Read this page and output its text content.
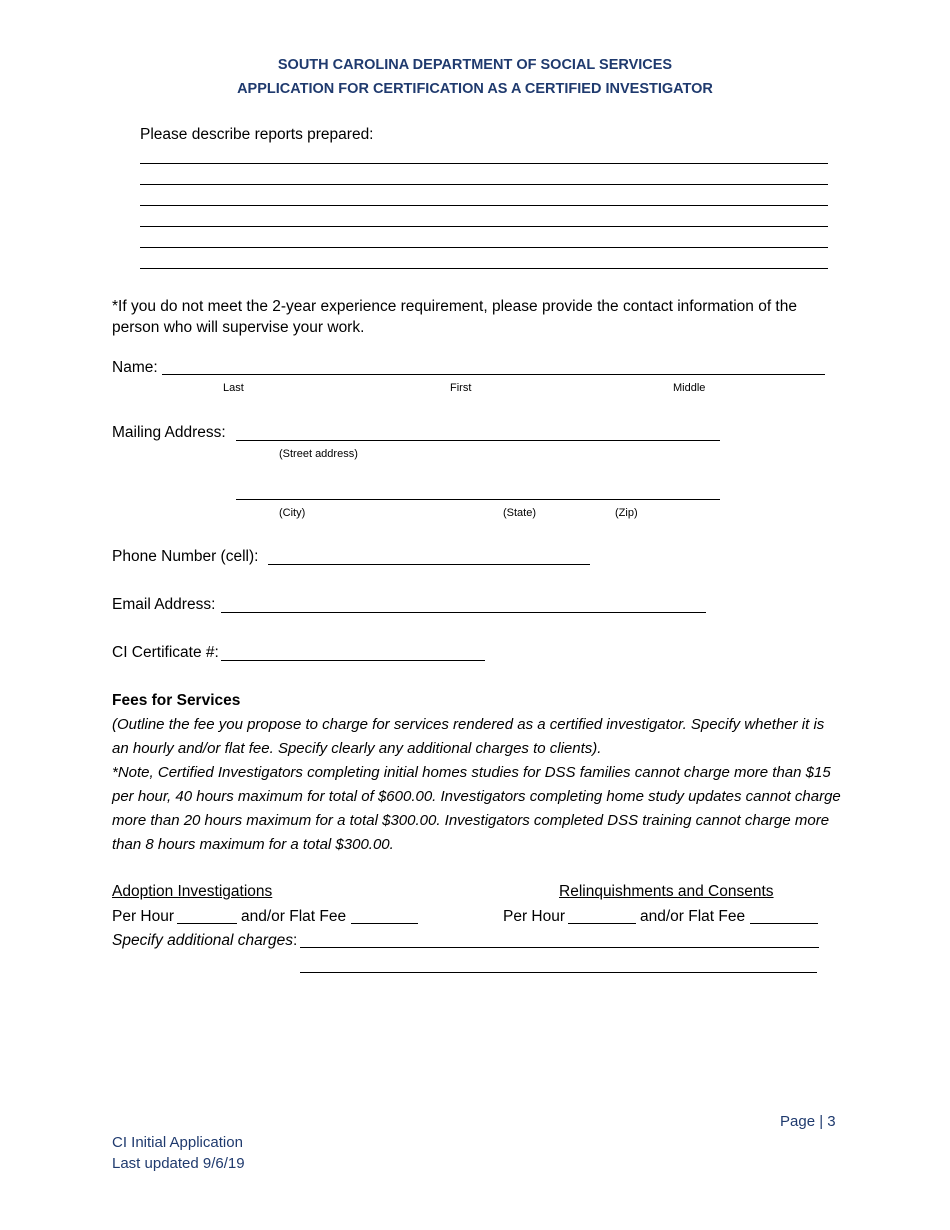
SOUTH CAROLINA DEPARTMENT OF SOCIAL SERVICES
APPLICATION FOR CERTIFICATION AS A CERTIFIED INVESTIGATOR
Please describe reports prepared:
*If you do not meet the 2-year experience requirement, please provide the contact information of the person who will supervise your work.
Name:
Last	First	Middle
Mailing Address:
(Street address)
(City)	(State)	(Zip)
Phone Number (cell):
Email Address:
CI Certificate #:
Fees for Services
(Outline the fee you propose to charge for services rendered as a certified investigator. Specify whether it is an hourly and/or flat fee. Specify clearly any additional charges to clients).
*Note, Certified Investigators completing initial homes studies for DSS families cannot charge more than $15 per hour, 40 hours maximum for total of $600.00. Investigators completing home study updates cannot charge more than 20 hours maximum for a total $300.00. Investigators completed DSS training cannot charge more than 8 hours maximum for a total $300.00.
Adoption Investigations
Per Hour	and/or Flat Fee
Relinquishments and Consents
Per Hour	and/or Flat Fee
Specify additional charges:
Page | 3
CI Initial Application
Last updated 9/6/19
